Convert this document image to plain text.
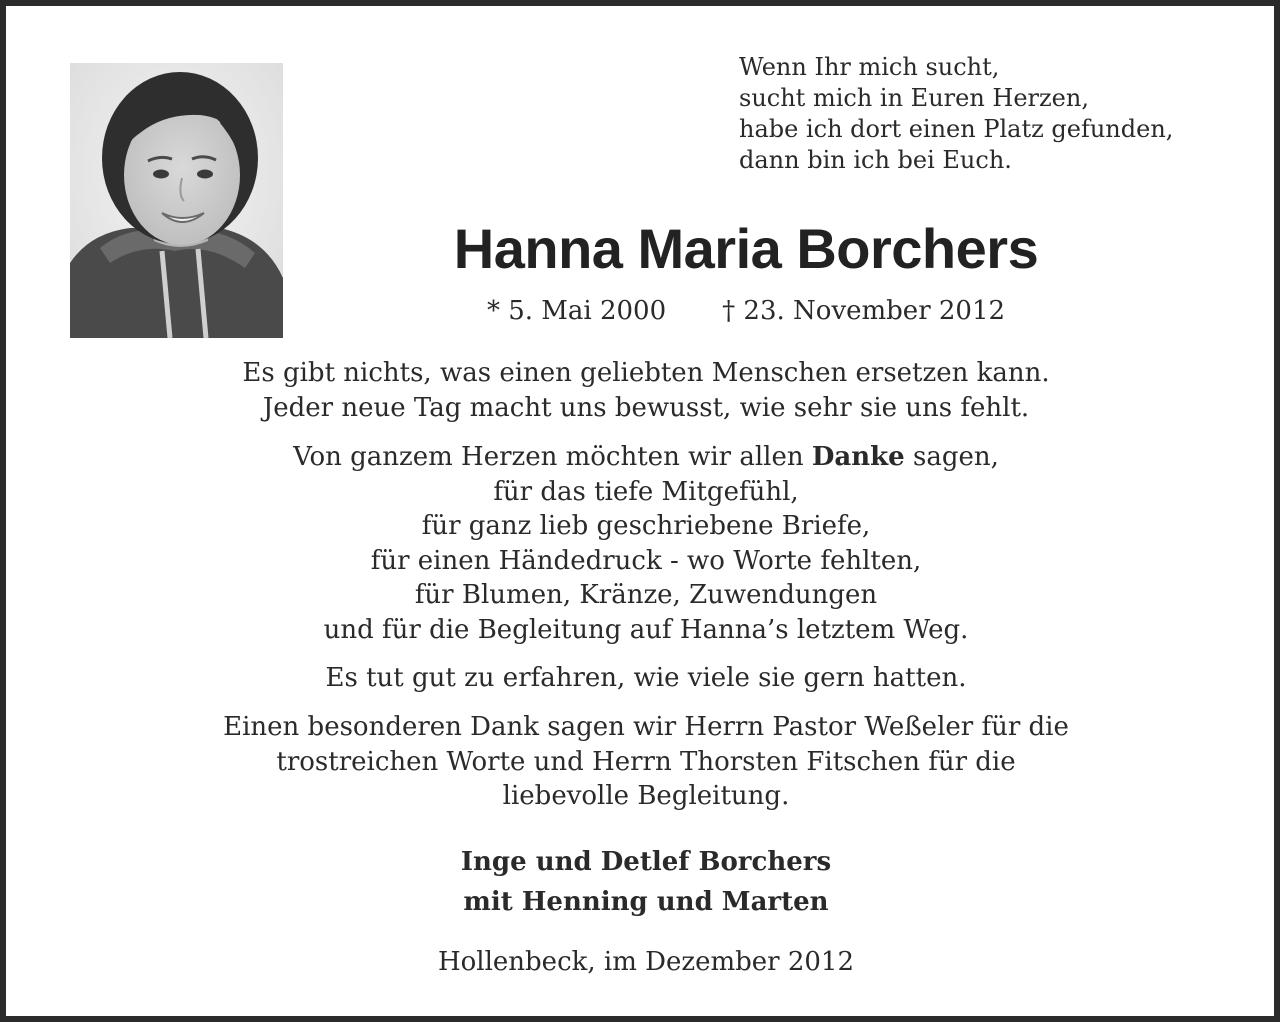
Wenn Ihr mich sucht,
sucht mich in Euren Herzen,
habe ich dort einen Platz gefunden,
dann bin ich bei Euch.
Hanna Maria Borchers
* 5. Mai 2000 † 23. November 2012
Es gibt nichts, was einen geliebten Menschen ersetzen kann.
Jeder neue Tag macht uns bewusst, wie sehr sie uns fehlt.
Von ganzem Herzen möchten wir allen Danke sagen,
für das tiefe Mitgefühl,
für ganz lieb geschriebene Briefe,
für einen Händedruck - wo Worte fehlten,
für Blumen, Kränze, Zuwendungen
und für die Begleitung auf Hanna’s letztem Weg.
Es tut gut zu erfahren, wie viele sie gern hatten.
Einen besonderen Dank sagen wir Herrn Pastor Weßeler für die
trostreichen Worte und Herrn Thorsten Fitschen für die
liebevolle Begleitung.
Inge und Detlef Borchers
mit Henning und Marten
Hollenbeck, im Dezember 2012
